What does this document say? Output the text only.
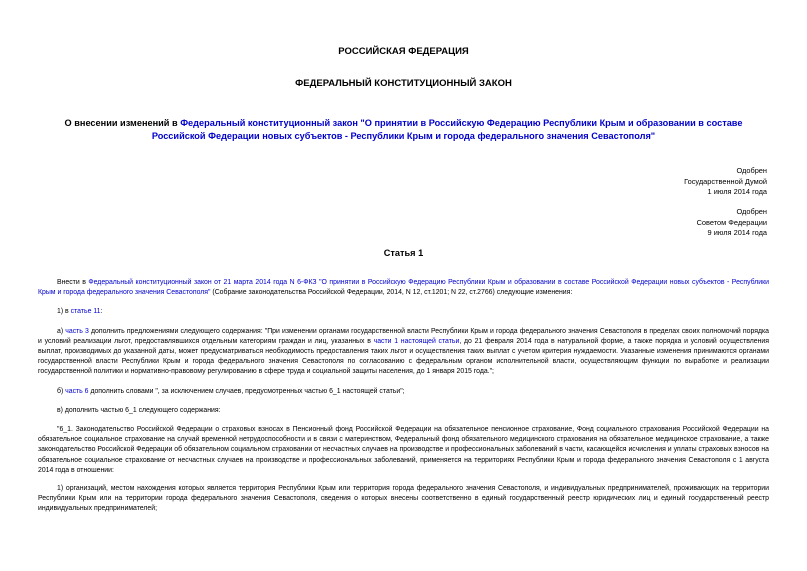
РОССИЙСКАЯ ФЕДЕРАЦИЯ
ФЕДЕРАЛЬНЫЙ КОНСТИТУЦИОННЫЙ ЗАКОН
О внесении изменений в Федеральный конституционный закон "О принятии в Российскую Федерацию Республики Крым и образовании в составе Российской Федерации новых субъектов - Республики Крым и города федерального значения Севастополя"
Одобрен
Государственной Думой
1 июля 2014 года
Одобрен
Советом Федерации
9 июля 2014 года
Статья 1

Внести в Федеральный конституционный закон от 21 марта 2014 года N 6-ФКЗ "О принятии в Российскую Федерацию Республики Крым и образовании в составе Российской Федерации новых субъектов - Республики Крым и города федерального значения Севастополя" (Собрание законодательства Российской Федерации, 2014, N 12, ст.1201; N 22, ст.2766) следующие изменения:

1) в статье 11:

а) часть 3 дополнить предложениями следующего содержания: "При изменении органами государственной власти Республики Крым и города федерального значения Севастополя в пределах своих полномочий порядка и условий реализации льгот, предоставлявшихся отдельным категориям граждан и лиц, указанных в части 1 настоящей статьи, до 21 февраля 2014 года в натуральной форме, а также порядка и условий осуществления выплат, производимых до указанной даты, может предусматриваться необходимость предоставления таких льгот и осуществления таких выплат с учетом критерия нуждаемости. Указанные изменения принимаются органами государственной власти Республики Крым и города федерального значения Севастополя по согласованию с федеральным органом исполнительной власти, осуществляющим функции по выработке и реализации государственной политики и нормативно-правовому регулированию в сфере труда и социальной защиты населения, до 1 января 2015 года.";

б) часть 6 дополнить словами ", за исключением случаев, предусмотренных частью 6_1 настоящей статьи";

в) дополнить частью 6_1 следующего содержания:

"6_1. Законодательство Российской Федерации о страховых взносах в Пенсионный фонд Российской Федерации на обязательное пенсионное страхование, Фонд социального страхования Российской Федерации на обязательное социальное страхование на случай временной нетрудоспособности и в связи с материнством, Федеральный фонд обязательного медицинского страхования на обязательное медицинское страхование, а также законодательство Российской Федерации об обязательном социальном страховании от несчастных случаев на производстве и профессиональных заболеваний в части, касающейся исчисления и уплаты страховых взносов на обязательное социальное страхование от несчастных случаев на производстве и профессиональных заболеваний, применяется на территориях Республики Крым и города федерального значения Севастополя с 1 августа 2014 года в отношении:

1) организаций, местом нахождения которых является территория Республики Крым или территория города федерального значения Севастополя, и индивидуальных предпринимателей, проживающих на территории Республики Крым или на территории города федерального значения Севастополя, сведения о которых внесены соответственно в единый государственный реестр юридических лиц и единый государственный реестр индивидуальных предпринимателей;
